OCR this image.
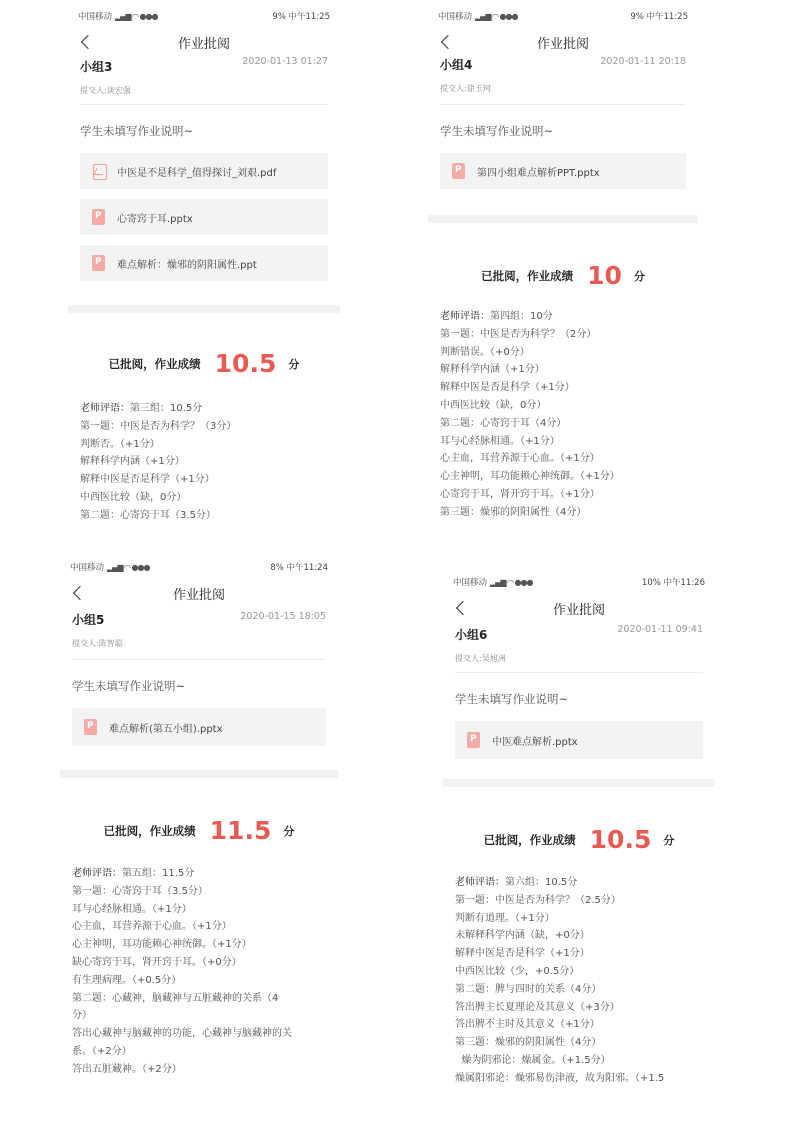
中国移动 ▂▄▆ ◠ ●●●	9% 中午11:25
作业批阅
小组3	2020-01-13 01:27
提交人:谈宏强
学生未填写作业说明~
中医是不是科学_值得探讨_刘艰.pdf
P
心寄窍于耳.pptx
P
难点解析：燥邪的阴阳属性.ppt
已批阅，作业成绩 10.5 分
老师评语：第三组：10.5分
第一题：中医是否为科学？（3分）
判断否。（+1分）
解释科学内涵（+1分）
解释中医是否是科学（+1分）
中西医比较（缺，0分）
第二题：心寄窍于耳（3.5分）
中国移动 ▂▄▆ ◠ ●●●	9% 中午11:25
作业批阅
小组4	2020-01-11 20:18
提交人:徐玉珂
学生未填写作业说明~
P
第四小组难点解析PPT.pptx
已批阅，作业成绩 10 分
老师评语：第四组：10分
第一题：中医是否为科学？（2分）
判断错误。（+0分）
解释科学内涵（+1分）
解释中医是否是科学（+1分）
中西医比较（缺，0分）
第二题：心寄窍于耳（4分）
耳与心经脉相通。（+1分）
心主血，耳营养源于心血。（+1分）
心主神明，耳功能赖心神统御。（+1分）
心寄窍于耳，肾开窍于耳。（+1分）
第三题：燥邪的阴阳属性（4分）
中国移动 ▂▄▆ ◠ ●●●	8% 中午11:24
作业批阅
小组5	2020-01-15 18:05
提交人:陈智聪
学生未填写作业说明~
P
难点解析(第五小组).pptx
已批阅，作业成绩 11.5 分
老师评语：第五组：11.5分
第一题：心寄窍于耳（3.5分）
耳与心经脉相通。（+1分）
心主血，耳营养源于心血。（+1分）
心主神明，耳功能赖心神统御。（+1分）
缺心寄窍于耳，肾开窍于耳。（+0分）
有生理病理。（+0.5分）
第二题：心藏神，脑藏神与五脏藏神的关系（4
分）
答出心藏神与脑藏神的功能，心藏神与脑藏神的关
系。（+2分）
答出五脏藏神。（+2分）
中国移动 ▂▄▆ ◠ ●●●	10% 中午11:26
作业批阅
小组6	2020-01-11 09:41
提交人:吴旭洲
学生未填写作业说明~
P
中医难点解析.pptx
已批阅，作业成绩 10.5 分
老师评语：第六组：10.5分
第一题：中医是否为科学？（2.5分）
判断有道理。（+1分）
未解释科学内涵（缺，+0分）
解释中医是否是科学（+1分）
中西医比较（少，+0.5分）
第二题：脾与四时的关系（4分）
答出脾主长夏理论及其意义（+3分）
答出脾不主时及其意义（+1分）
第三题：燥邪的阴阳属性（4分）
燥为阴邪论：燥属金。（+1.5分）
燥属阳邪论：燥邪易伤津液，故为阳邪。（+1.5
